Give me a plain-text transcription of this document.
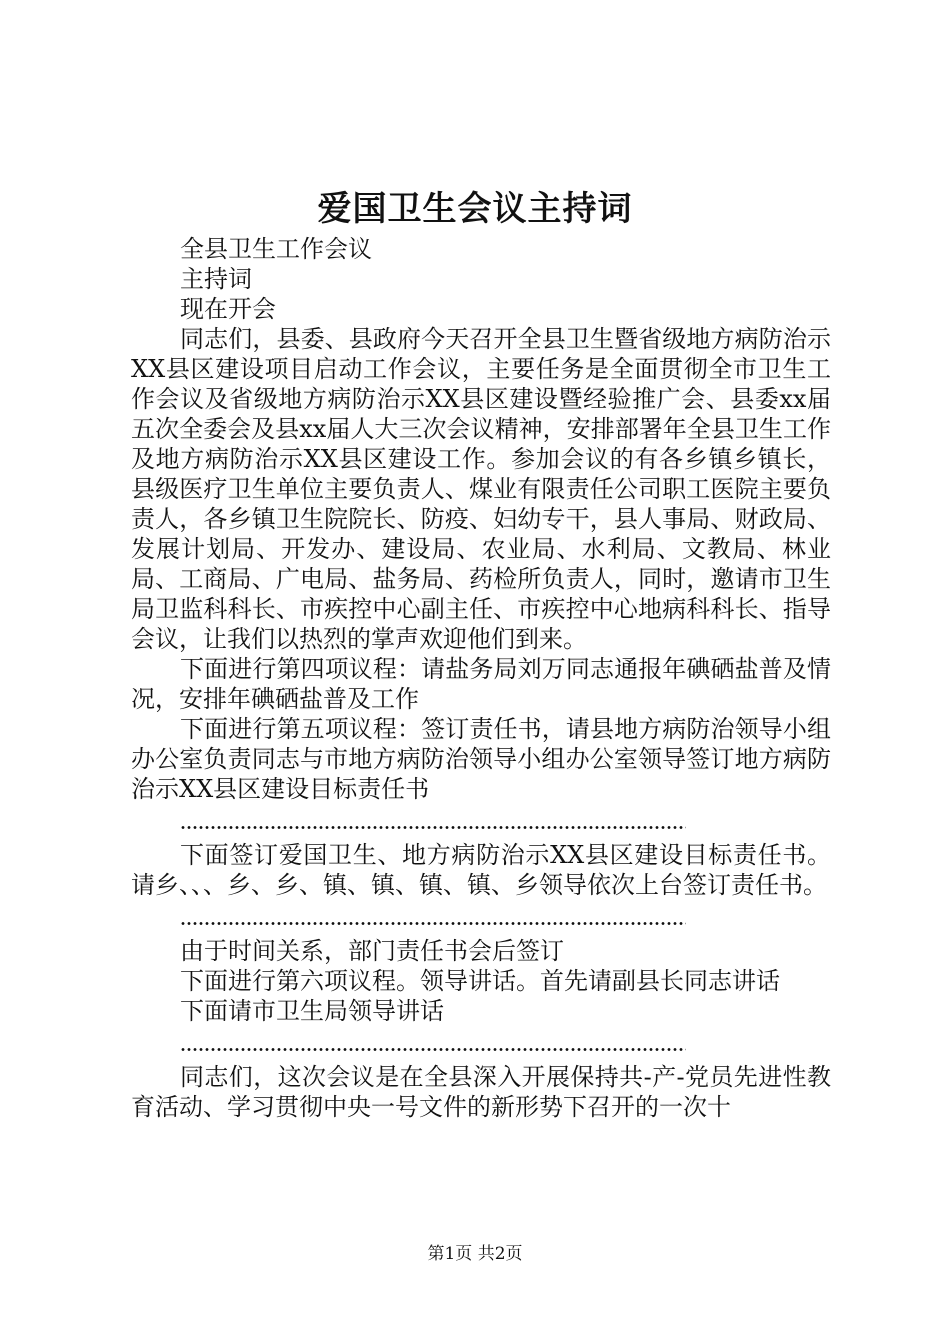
爱国卫生会议主持词

全县卫生工作会议

主持词

现在开会

同志们，县委、县政府今天召开全县卫生暨省级地方病防治示XX县区建设项目启动工作会议，主要任务是全面贯彻全市卫生工作会议及省级地方病防治示XX县区建设暨经验推广会、县委xx届五次全委会及县xx届人大三次会议精神，安排部署年全县卫生工作及地方病防治示XX县区建设工作。参加会议的有各乡镇乡镇长，县级医疗卫生单位主要负责人、煤业有限责任公司职工医院主要负责人，各乡镇卫生院院长、防疫、妇幼专干，县人事局、财政局、发展计划局、开发办、建设局、农业局、水利局、文教局、林业局、工商局、广电局、盐务局、药检所负责人，同时，邀请市卫生局卫监科科长、市疾控中心副主任、市疾控中心地病科科长、指导会议，让我们以热烈的掌声欢迎他们到来。

下面进行第四项议程：请盐务局刘万同志通报年碘硒盐普及情况，安排年碘硒盐普及工作

下面进行第五项议程：签订责任书，请县地方病防治领导小组办公室负责同志与市地方病防治领导小组办公室领导签订地方病防治示XX县区建设目标责任书

下面签订爱国卫生、地方病防治示XX县区建设目标责任书。请乡、、、乡、乡、镇、镇、镇、镇、乡领导依次上台签订责任书。

由于时间关系，部门责任书会后签订

下面进行第六项议程。领导讲话。首先请副县长同志讲话

下面请市卫生局领导讲话

同志们，这次会议是在全县深入开展保持共-产-党员先进性教育活动、学习贯彻中央一号文件的新形势下召开的一次十

第1页 共2页
